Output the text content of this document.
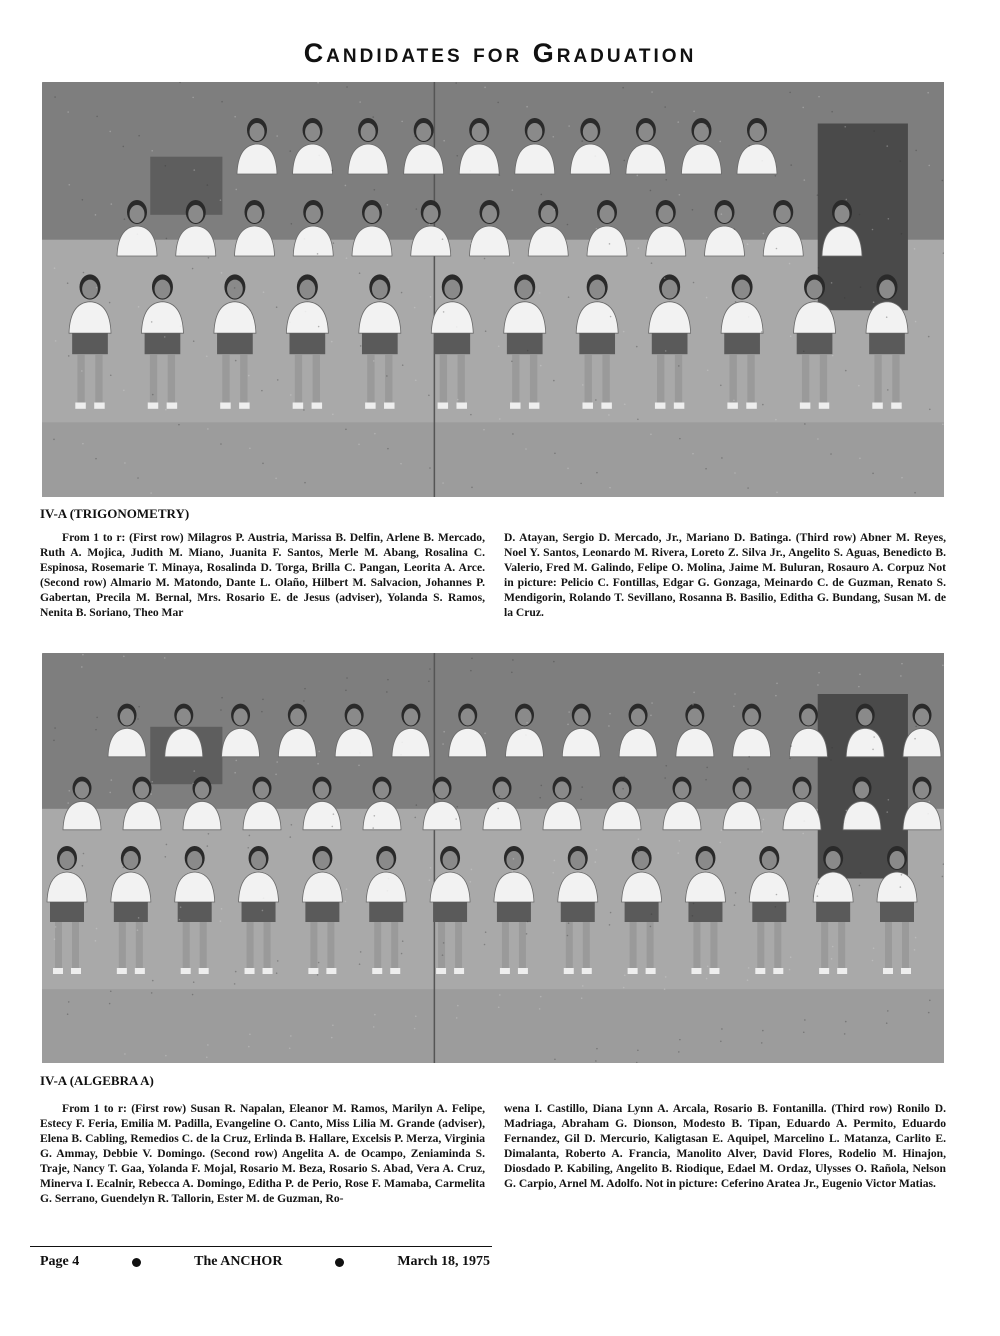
Candidates for Graduation
IV-A (TRIGONOMETRY)

From 1 to r: (First row) Milagros P. Austria, Marissa B. Delfin, Arlene B. Mercado, Ruth A. Mojica, Judith M. Miano, Juanita F. Santos, Merle M. Abang, Rosalina C. Espinosa, Rosemarie T. Minaya, Rosalinda D. Torga, Brilla C. Pangan, Leorita A. Arce. (Second row) Almario M. Matondo, Dante L. Olaño, Hilbert M. Salvacion, Johannes P. Gabertan, Precila M. Bernal, Mrs. Rosario E. de Jesus (adviser), Yolanda S. Ramos, Nenita B. Soriano, Theo Mar

D. Atayan, Sergio D. Mercado, Jr., Mariano D. Batinga. (Third row) Abner M. Reyes, Noel Y. Santos, Leonardo M. Rivera, Loreto Z. Silva Jr., Angelito S. Aguas, Benedicto B. Valerio, Fred M. Galindo, Felipe O. Molina, Jaime M. Buluran, Rosauro A. Corpuz Not in picture: Pelicio C. Fontillas, Edgar G. Gonzaga, Meinardo C. de Guzman, Renato S. Mendigorin, Rolando T. Sevillano, Rosanna B. Basilio, Editha G. Bundang, Susan M. de la Cruz.

IV-A (ALGEBRA A)

From 1 to r: (First row) Susan R. Napalan, Eleanor M. Ramos, Marilyn A. Felipe, Estecy F. Feria, Emilia M. Padilla, Evangeline O. Canto, Miss Lilia M. Grande (adviser), Elena B. Cabling, Remedios C. de la Cruz, Erlinda B. Hallare, Excelsis P. Merza, Virginia G. Ammay, Debbie V. Domingo. (Second row) Angelita A. de Ocampo, Zeniaminda S. Traje, Nancy T. Gaa, Yolanda F. Mojal, Rosario M. Beza, Rosario S. Abad, Vera A. Cruz, Minerva I. Ecalnir, Rebecca A. Domingo, Editha P. de Perio, Rose F. Mamaba, Carmelita G. Serrano, Guendelyn R. Tallorin, Ester M. de Guzman, Ro-

wena I. Castillo, Diana Lynn A. Arcala, Rosario B. Fontanilla. (Third row) Ronilo D. Madriaga, Abraham G. Dionson, Modesto B. Tipan, Eduardo A. Permito, Eduardo Fernandez, Gil D. Mercurio, Kaligtasan E. Aquipel, Marcelino L. Matanza, Carlito E. Dimalanta, Roberto A. Francia, Manolito Alver, David Flores, Rodelio M. Hinajon, Diosdado P. Kabiling, Angelito B. Riodique, Edael M. Ordaz, Ulysses O. Rañola, Nelson G. Carpio, Arnel M. Adolfo. Not in picture: Ceferino Aratea Jr., Eugenio Victor Matias.

Page 4	The ANCHOR	March 18, 1975
